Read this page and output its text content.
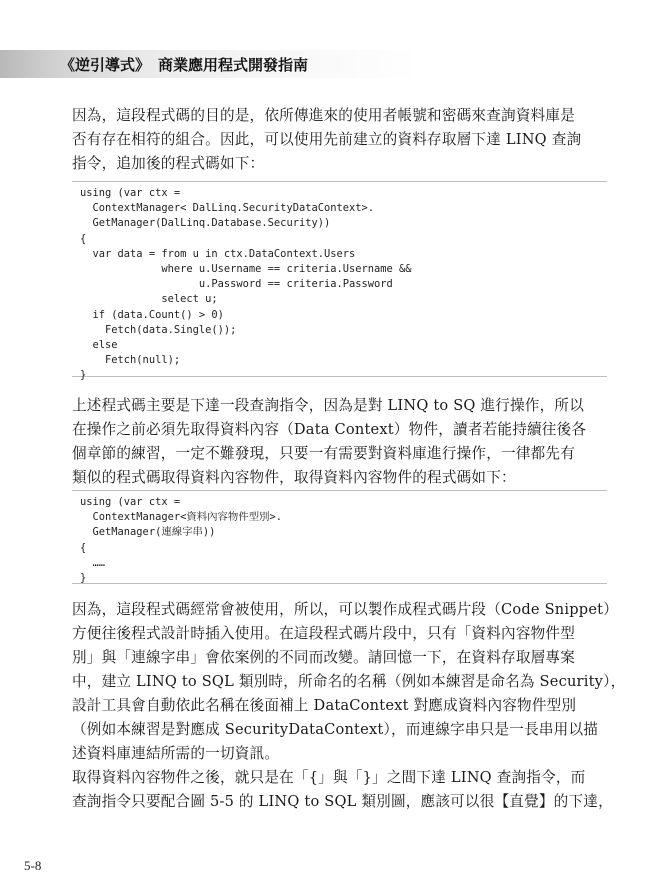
《逆引導式》 商業應用程式開發指南
因為，這段程式碼的目的是，依所傳進來的使用者帳號和密碼來查詢資料庫是
否有存在相符的組合。因此，可以使用先前建立的資料存取層下達 LINQ 查詢
指令，追加後的程式碼如下：
using (var ctx =
ContextManager< DalLinq.SecurityDataContext>.
GetManager(DalLinq.Database.Security))
{
var data = from u in ctx.DataContext.Users
where u.Username == criteria.Username &&
u.Password == criteria.Password
select u;
if (data.Count() > 0)
Fetch(data.Single());
else
Fetch(null);
}
上述程式碼主要是下達一段查詢指令，因為是對 LINQ to SQ 進行操作，所以
在操作之前必須先取得資料內容（Data Context）物件，讀者若能持續往後各
個章節的練習，一定不難發現，只要一有需要對資料庫進行操作，一律都先有
類似的程式碼取得資料內容物件，取得資料內容物件的程式碼如下：
using (var ctx =
ContextManager<資料內容物件型別>.
GetManager(連線字串))
{
……
}
因為，這段程式碼經常會被使用，所以，可以製作成程式碼片段（Code Snippet）
方便往後程式設計時插入使用。在這段程式碼片段中，只有「資料內容物件型
別」與「連線字串」會依案例的不同而改變。請回憶一下，在資料存取層專案
中，建立 LINQ to SQL 類別時，所命名的名稱（例如本練習是命名為 Security），
設計工具會自動依此名稱在後面補上 DataContext 對應成資料內容物件型別
（例如本練習是對應成 SecurityDataContext），而連線字串只是一長串用以描
述資料庫連結所需的一切資訊。
取得資料內容物件之後，就只是在「{」與「}」之間下達 LINQ 查詢指令，而
查詢指令只要配合圖 5-5 的 LINQ to SQL 類別圖，應該可以很【直覺】的下達，
5-8
